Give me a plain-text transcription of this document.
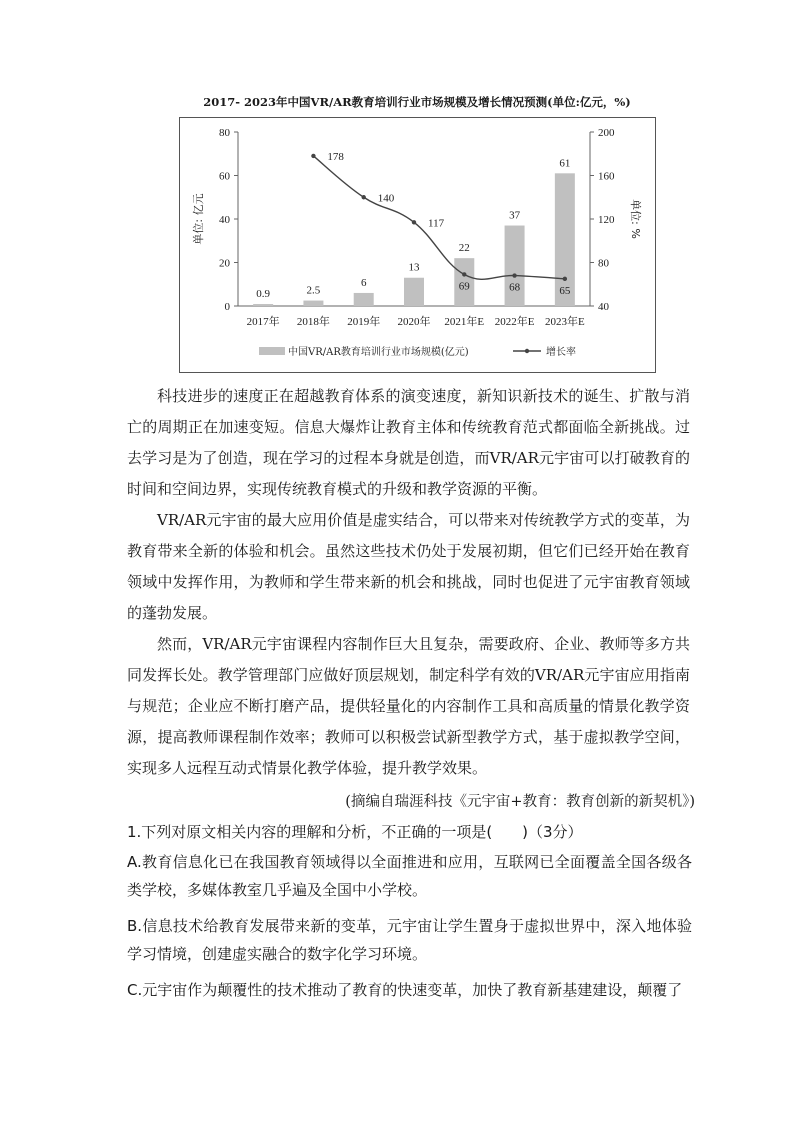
2017- 2023年中国VR/AR教育培训行业市场规模及增长情况预测(单位:亿元，%)
0
20
40
60
80
40
80
120
160
200
单位: 亿元	单位: %
0.9	2.5
6
13
22
37
61
2017年 2018年 2019年 2020年 2021年E 2022年E 2023年E
178
140
117
69	68	65
中国VR/AR教育培训行业市场规模(亿元)	增长率

科技进步的速度正在超越教育体系的演变速度，新知识新技术的诞生、扩散与消亡的周期正在加速变短。信息大爆炸让教育主体和传统教育范式都面临全新挑战。过去学习是为了创造，现在学习的过程本身就是创造，而VR/AR元宇宙可以打破教育的时间和空间边界，实现传统教育模式的升级和教学资源的平衡。

VR/AR元宇宙的最大应用价值是虚实结合，可以带来对传统教学方式的变革，为教育带来全新的体验和机会。虽然这些技术仍处于发展初期，但它们已经开始在教育领域中发挥作用，为教师和学生带来新的机会和挑战，同时也促进了元宇宙教育领域的蓬勃发展。

然而，VR/AR元宇宙课程内容制作巨大且复杂，需要政府、企业、教师等多方共同发挥长处。教学管理部门应做好顶层规划，制定科学有效的VR/AR元宇宙应用指南与规范；企业应不断打磨产品，提供轻量化的内容制作工具和高质量的情景化教学资源，提高教师课程制作效率；教师可以积极尝试新型教学方式，基于虚拟教学空间，实现多人远程互动式情景化教学体验，提升教学效果。

(摘编自瑞涯科技《元宇宙+教育：教育创新的新契机》)

1.下列对原文相关内容的理解和分析，不正确的一项是(　　)（3分）

A.教育信息化已在我国教育领域得以全面推进和应用，互联网已全面覆盖全国各级各类学校，多媒体教室几乎遍及全国中小学校。

B.信息技术给教育发展带来新的变革，元宇宙让学生置身于虚拟世界中，深入地体验学习情境，创建虚实融合的数字化学习环境。

C.元宇宙作为颠覆性的技术推动了教育的快速变革，加快了教育新基建建设，颠覆了
